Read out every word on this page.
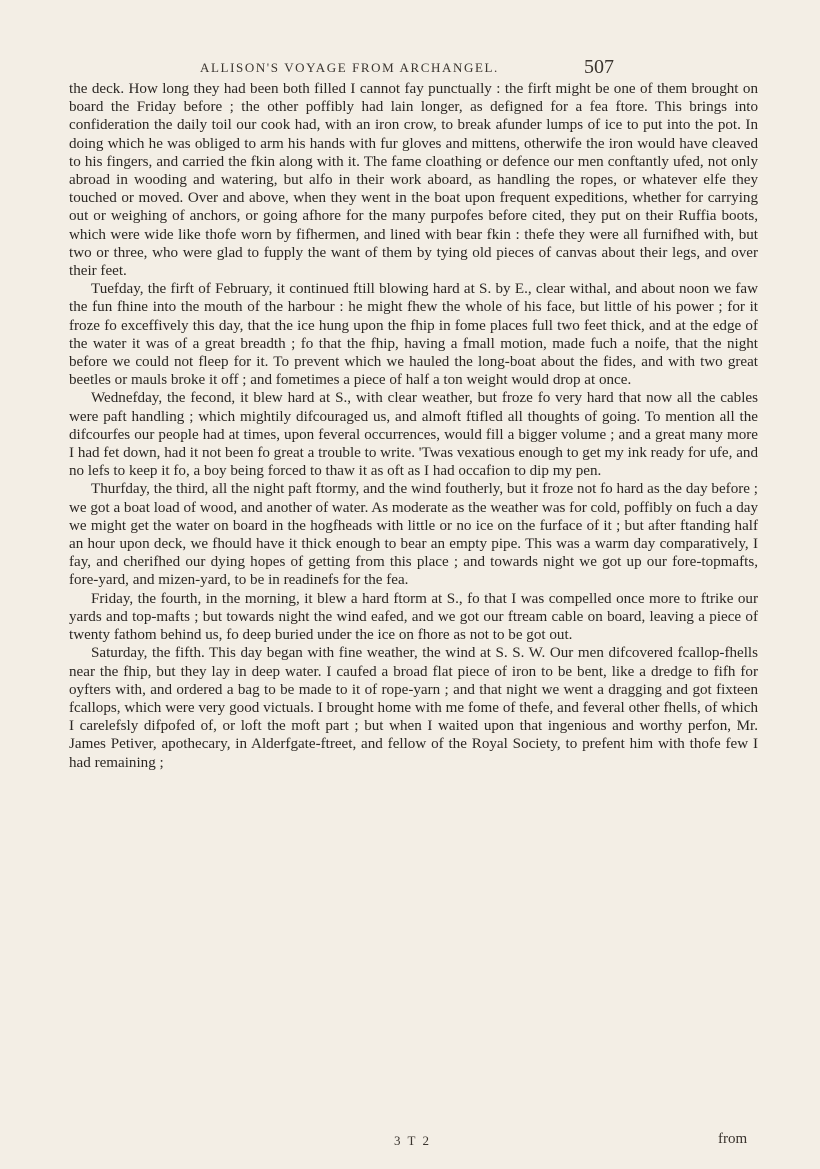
ALLISON'S VOYAGE FROM ARCHANGEL.	507

the deck. How long they had been both filled I cannot fay punctually : the firft might be one of them brought on board the Friday before ; the other poffibly had lain longer, as defigned for a fea ftore. This brings into confideration the daily toil our cook had, with an iron crow, to break afunder lumps of ice to put into the pot. In doing which he was obliged to arm his hands with fur gloves and mittens, otherwife the iron would have cleaved to his fingers, and carried the fkin along with it. The fame cloathing or defence our men conftantly ufed, not only abroad in wooding and watering, but alfo in their work aboard, as handling the ropes, or whatever elfe they touched or moved. Over and above, when they went in the boat upon frequent expeditions, whether for carrying out or weighing of anchors, or going afhore for the many purpofes before cited, they put on their Ruffia boots, which were wide like thofe worn by fifhermen, and lined with bear fkin : thefe they were all furnifhed with, but two or three, who were glad to fupply the want of them by tying old pieces of canvas about their legs, and over their feet.

Tuefday, the firft of February, it continued ftill blowing hard at S. by E., clear withal, and about noon we faw the fun fhine into the mouth of the harbour : he might fhew the whole of his face, but little of his power ; for it froze fo exceffively this day, that the ice hung upon the fhip in fome places full two feet thick, and at the edge of the water it was of a great breadth ; fo that the fhip, having a fmall motion, made fuch a noife, that the night before we could not fleep for it. To prevent which we hauled the long-boat about the fides, and with two great beetles or mauls broke it off ; and fometimes a piece of half a ton weight would drop at once.

Wednefday, the fecond, it blew hard at S., with clear weather, but froze fo very hard that now all the cables were paft handling ; which mightily difcouraged us, and almoft ftifled all thoughts of going. To mention all the difcourfes our people had at times, upon feveral occurrences, would fill a bigger volume ; and a great many more I had fet down, had it not been fo great a trouble to write. 'Twas vexatious enough to get my ink ready for ufe, and no lefs to keep it fo, a boy being forced to thaw it as oft as I had occafion to dip my pen.

Thurfday, the third, all the night paft ftormy, and the wind foutherly, but it froze not fo hard as the day before ; we got a boat load of wood, and another of water. As moderate as the weather was for cold, poffibly on fuch a day we might get the water on board in the hogfheads with little or no ice on the furface of it ; but after ftanding half an hour upon deck, we fhould have it thick enough to bear an empty pipe. This was a warm day comparatively, I fay, and cherifhed our dying hopes of getting from this place ; and towards night we got up our fore-topmafts, fore-yard, and mizen-yard, to be in readinefs for the fea.

Friday, the fourth, in the morning, it blew a hard ftorm at S., fo that I was compelled once more to ftrike our yards and top-mafts ; but towards night the wind eafed, and we got our ftream cable on board, leaving a piece of twenty fathom behind us, fo deep buried under the ice on fhore as not to be got out.

Saturday, the fifth. This day began with fine weather, the wind at S. S. W. Our men difcovered fcallop-fhells near the fhip, but they lay in deep water. I caufed a broad flat piece of iron to be bent, like a dredge to fifh for oyfters with, and ordered a bag to be made to it of rope-yarn ; and that night we went a dragging and got fixteen fcallops, which were very good victuals. I brought home with me fome of thefe, and feveral other fhells, of which I carelefsly difpofed of, or loft the moft part ; but when I waited upon that ingenious and worthy perfon, Mr. James Petiver, apothecary, in Alderfgate-ftreet, and fellow of the Royal Society, to prefent him with thofe few I had remaining ;

3 T 2	from
